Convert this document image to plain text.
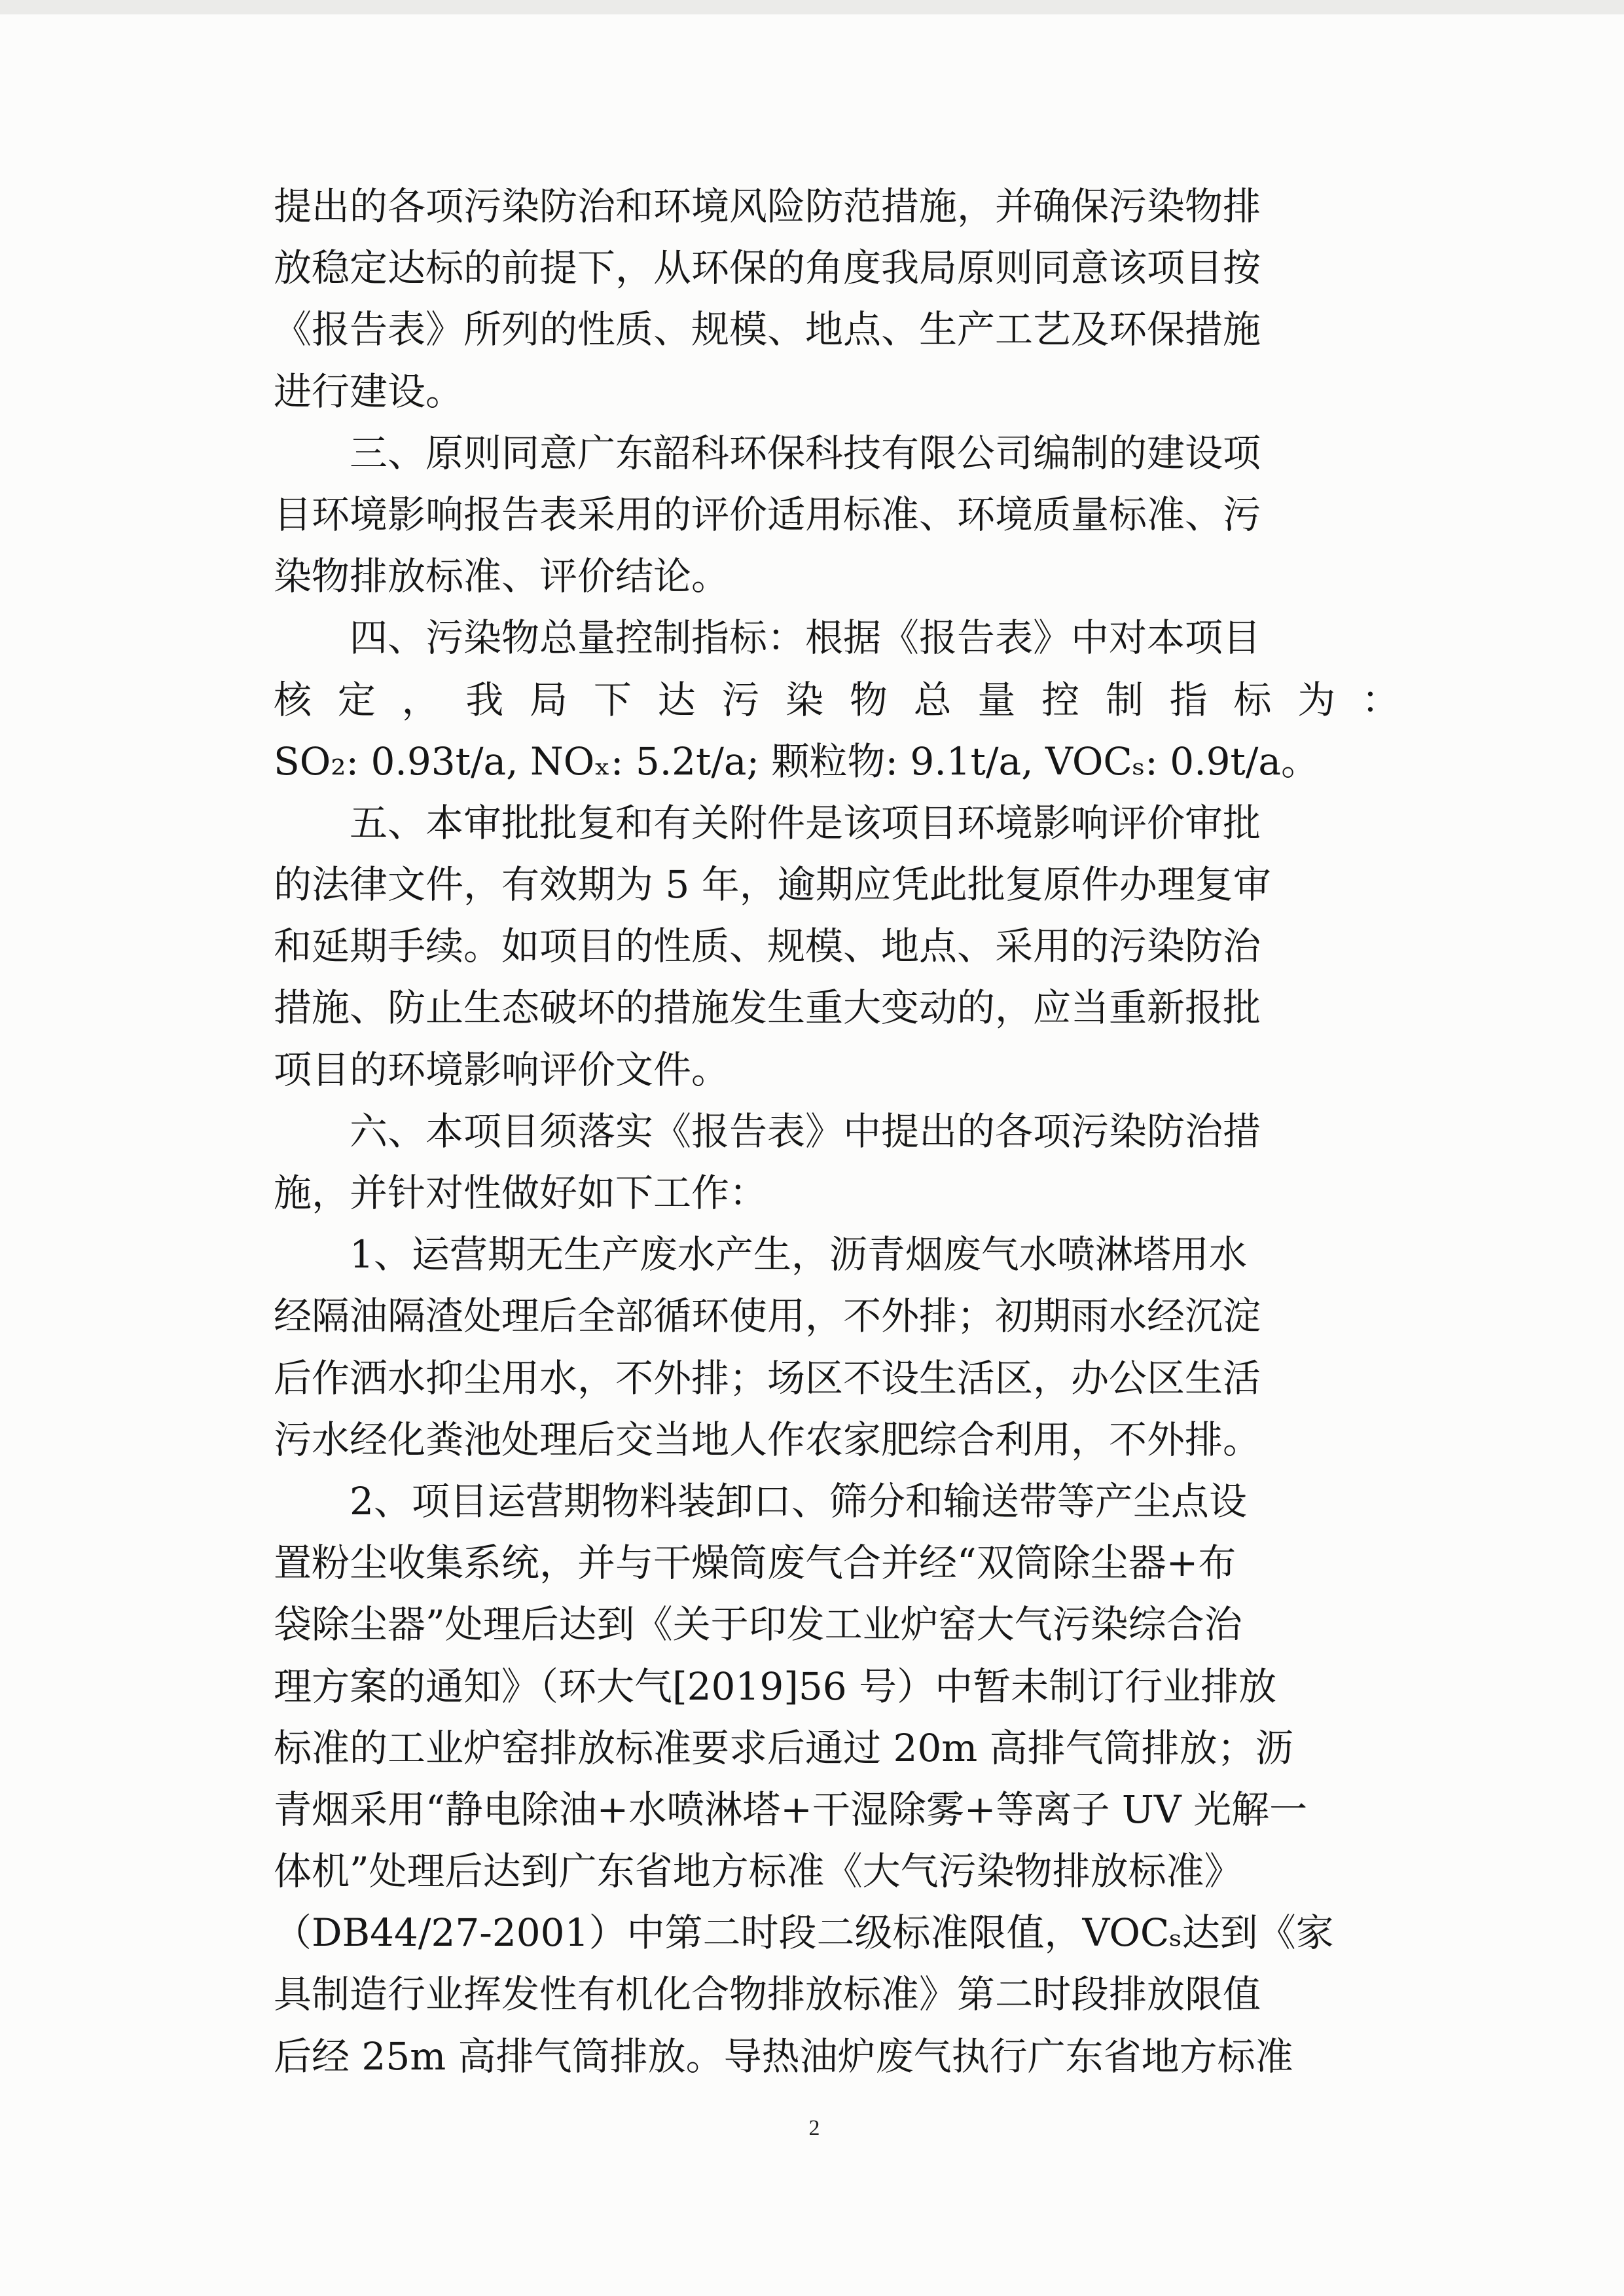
提出的各项污染防治和环境风险防范措施，并确保污染物排
放稳定达标的前提下，从环保的角度我局原则同意该项目按
《报告表》所列的性质、规模、地点、生产工艺及环保措施
进行建设。
三、原则同意广东韶科环保科技有限公司编制的建设项
目环境影响报告表采用的评价适用标准、环境质量标准、污
染物排放标准、评价结论。
四、污染物总量控制指标：根据《报告表》中对本项目
核定，我局下达污染物总量控制指标为：
SO₂: 0.93t/a, NOₓ: 5.2t/a; 颗粒物: 9.1t/a, VOCₛ: 0.9t/a。
五、本审批批复和有关附件是该项目环境影响评价审批
的法律文件，有效期为 5 年，逾期应凭此批复原件办理复审
和延期手续。如项目的性质、规模、地点、采用的污染防治
措施、防止生态破坏的措施发生重大变动的，应当重新报批
项目的环境影响评价文件。
六、本项目须落实《报告表》中提出的各项污染防治措
施，并针对性做好如下工作：
1、运营期无生产废水产生，沥青烟废气水喷淋塔用水
经隔油隔渣处理后全部循环使用，不外排；初期雨水经沉淀
后作洒水抑尘用水，不外排；场区不设生活区，办公区生活
污水经化粪池处理后交当地人作农家肥综合利用，不外排。
2、项目运营期物料装卸口、筛分和输送带等产尘点设
置粉尘收集系统，并与干燥筒废气合并经“双筒除尘器+布
袋除尘器”处理后达到《关于印发工业炉窑大气污染综合治
理方案的通知》（环大气[2019]56 号）中暂未制订行业排放
标准的工业炉窑排放标准要求后通过 20m 高排气筒排放；沥
青烟采用“静电除油+水喷淋塔+干湿除雾+等离子 UV 光解一
体机”处理后达到广东省地方标准《大气污染物排放标准》
（DB44/27-2001）中第二时段二级标准限值，VOCₛ达到《家
具制造行业挥发性有机化合物排放标准》第二时段排放限值
后经 25m 高排气筒排放。导热油炉废气执行广东省地方标准
2
